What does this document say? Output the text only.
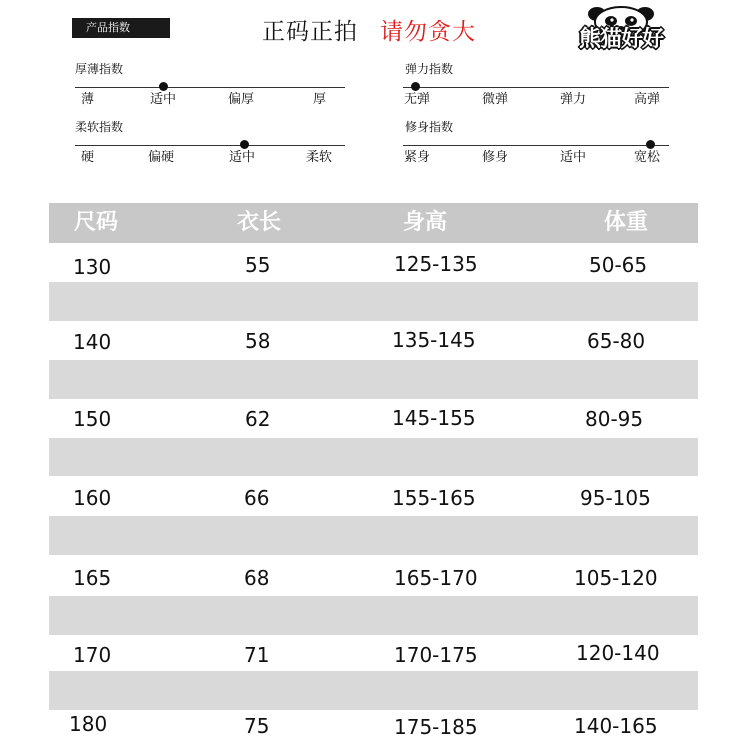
产品指数	正码正拍 请勿贪大	熊猫好好
厚薄指数
薄	适中	偏厚	厚
柔软指数
硬	偏硬	适中	柔软
弹力指数
无弹	微弹	弹力	高弹
修身指数
紧身	修身	适中	宽松
尺码	衣长	身高	体重
130	55	125-135	50-65
140	58	135-145	65-80
150	62	145-155	80-95
160	66	155-165	95-105
165	68	165-170	105-120
170	71	170-175	120-140
180	75	175-185	140-165
